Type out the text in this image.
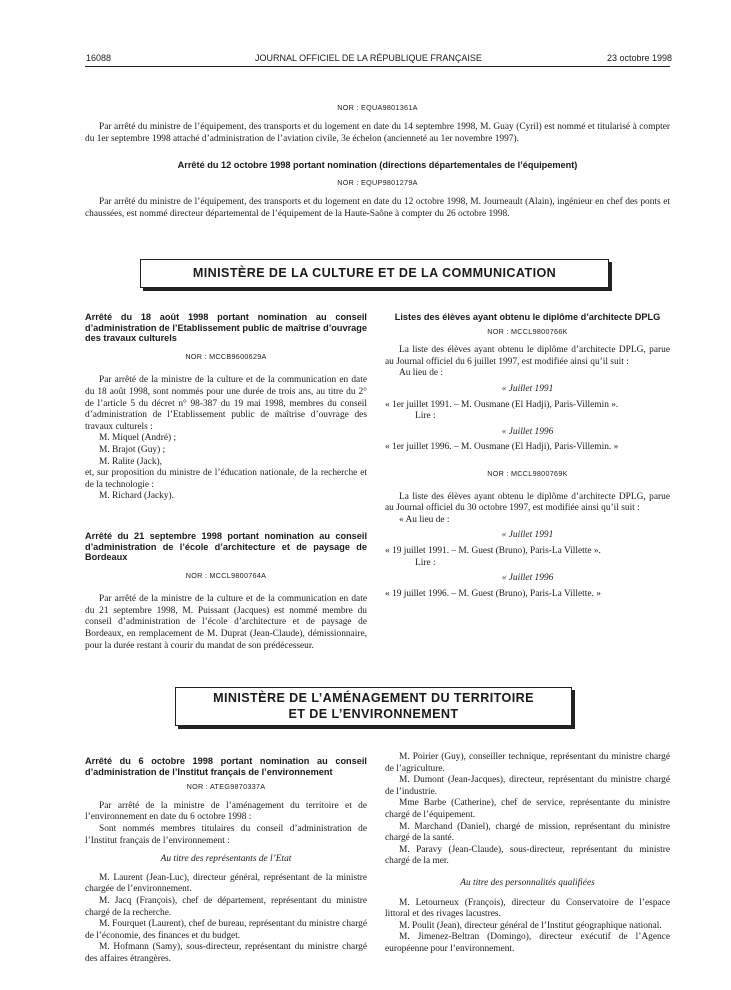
16088	JOURNAL OFFICIEL DE LA RÉPUBLIQUE FRANÇAISE	23 octobre 1998
NOR : EQUA9801361A

Par arrêté du ministre de l’équipement, des transports et du logement en date du 14 septembre 1998, M. Guay (Cyril) est nommé et titularisé à compter du 1er septembre 1998 attaché d’administration de l’aviation civile, 3e échelon (ancienneté au 1er novembre 1997).

Arrêté du 12 octobre 1998 portant nomination (directions départementales de l’équipement)
NOR : EQUP9801279A

Par arrêté du ministre de l’équipement, des transports et du logement en date du 12 octobre 1998, M. Journeault (Alain), ingénieur en chef des ponts et chaussées, est nommé directeur départemental de l’équipement de la Haute-Saône à compter du 26 octobre 1998.

MINISTÈRE DE LA CULTURE ET DE LA COMMUNICATION
Arrêté du 18 août 1998 portant nomination au conseil d’administration de l’Etablissement public de maîtrise d’ouvrage des travaux culturels
NOR : MCCB9600629A

Par arrêté de la ministre de la culture et de la communication en date du 18 août 1998, sont nommés pour une durée de trois ans, au titre du 2° de l’article 5 du décret n° 98-387 du 19 mai 1998, membres du conseil d’administration de l’Etablissement public de maîtrise d’ouvrage des travaux culturels :

M. Miquel (André) ;

M. Brajot (Guy) ;

M. Ralite (Jack),

et, sur proposition du ministre de l’éducation nationale, de la recherche et de la technologie :

M. Richard (Jacky).

Arrêté du 21 septembre 1998 portant nomination au conseil d’administration de l’école d’architecture et de paysage de Bordeaux
NOR : MCCL9800764A

Par arrêté de la ministre de la culture et de la communication en date du 21 septembre 1998, M. Puissant (Jacques) est nommé membre du conseil d’administration de l’école d’architecture et de paysage de Bordeaux, en remplacement de M. Duprat (Jean-Claude), démissionnaire, pour la durée restant à courir du mandat de son prédécesseur.

Listes des élèves ayant obtenu le diplôme d’architecte DPLG
NOR : MCCL9800766K

La liste des élèves ayant obtenu le diplôme d’architecte DPLG, parue au Journal officiel du 6 juillet 1997, est modifiée ainsi qu’il suit :

Au lieu de :

« Juillet 1991

« 1er juillet 1991. – M. Ousmane (El Hadji), Paris-Villemin ».

Lire :

« Juillet 1996

« 1er juillet 1996. – M. Ousmane (El Hadji), Paris-Villemin. »

NOR : MCCL9800769K

La liste des élèves ayant obtenu le diplôme d’architecte DPLG, parue au Journal officiel du 30 octobre 1997, est modifiée ainsi qu’il suit :

« Au lieu de :

« Juillet 1991

« 19 juillet 1991. – M. Guest (Bruno), Paris-La Villette ».

Lire :

« Juillet 1996

« 19 juillet 1996. – M. Guest (Bruno), Paris-La Villette. »

MINISTÈRE DE L’AMÉNAGEMENT DU TERRITOIRE
ET DE L’ENVIRONNEMENT
Arrêté du 6 octobre 1998 portant nomination au conseil d’administration de l’Institut français de l’environnement
NOR : ATEG9870337A

Par arrêté de la ministre de l’aménagement du territoire et de l’environnement en date du 6 octobre 1998 :

Sont nommés membres titulaires du conseil d’administration de l’Institut français de l’environnement :

Au titre des représentants de l’Etat

M. Laurent (Jean-Luc), directeur général, représentant de la ministre chargée de l’environnement.

M. Jacq (François), chef de département, représentant du ministre chargé de la recherche.

M. Fourquet (Laurent), chef de bureau, représentant du ministre chargé de l’économie, des finances et du budget.

M. Hofmann (Samy), sous-directeur, représentant du ministre chargé des affaires étrangères.

M. Poirier (Guy), conseiller technique, représentant du ministre chargé de l’agriculture.

M. Dumont (Jean-Jacques), directeur, représentant du ministre chargé de l’industrie.

Mme Barbe (Catherine), chef de service, représentante du ministre chargé de l’équipement.

M. Marchand (Daniel), chargé de mission, représentant du ministre chargé de la santé.

M. Paravy (Jean-Claude), sous-directeur, représentant du ministre chargé de la mer.

Au titre des personnalités qualifiées

M. Letourneux (François), directeur du Conservatoire de l’espace littoral et des rivages lacustres.

M. Poulit (Jean), directeur général de l’Institut géographique national.

M. Jimenez-Beltran (Domingo), directeur exécutif de l’Agence européenne pour l’environnement.
